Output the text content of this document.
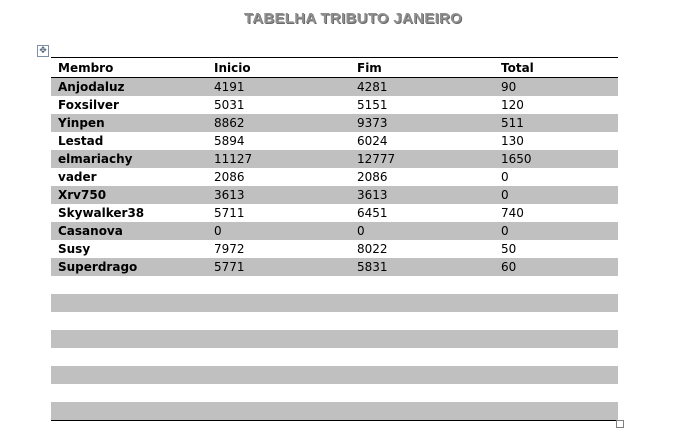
TABELHA TRIBUTO JANEIRO
✥
Membro	Inicio	Fim	Total
Anjodaluz	4191	4281	90
Foxsilver	5031	5151	120
Yinpen	8862	9373	511
Lestad	5894	6024	130
elmariachy	11127	12777	1650
vader	2086	2086	0
Xrv750	3613	3613	0
Skywalker38	5711	6451	740
Casanova	0	0	0
Susy	7972	8022	50
Superdrago	5771	5831	60
